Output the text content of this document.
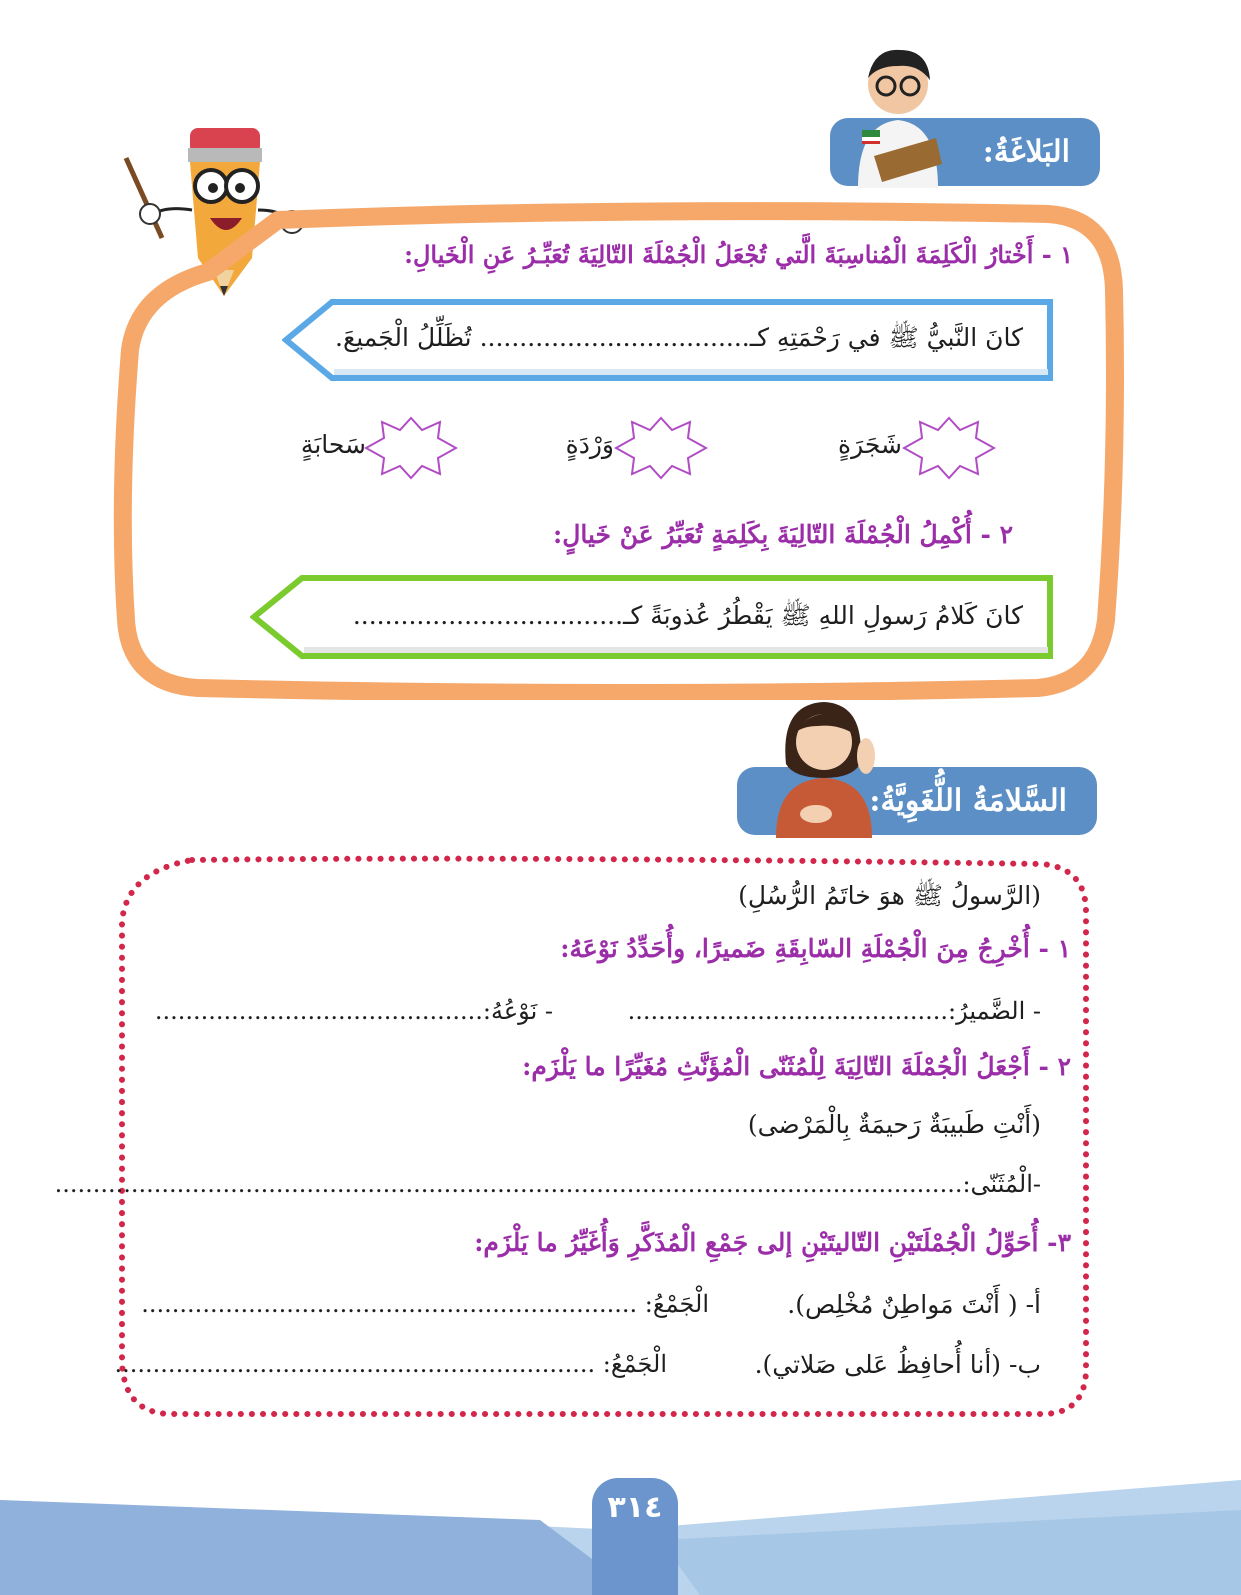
البَلاغَةُ:
١ - أَخْتارُ الْكَلِمَةَ الْمُناسِبَةَ الَّتي تُجْعَلُ الْجُمْلَةَ التّالِيَةَ تُعَبِّـرُ عَنِ الْخَيالِ:
كانَ النَّبيُّ ﷺ في رَحْمَتِهِ كـ.................................. تُظَلِّلُ الْجَميعَ.
شَجَرَةٍ
وَرْدَةٍ
سَحابَةٍ
٢ - أُكْمِلُ الْجُمْلَةَ التّالِيَةَ بِكَلِمَةٍ تُعَبِّرُ عَنْ خَيالٍ:
كانَ كَلامُ رَسولِ اللهِ ﷺ يَقْطُرُ عُذوبَةً كـ..................................
السَّلامَةُ اللُّغَوِيَّةُ:
(الرَّسولُ ﷺ هوَ خاتَمُ الرُّسُلِ)
١ - أُخْرِجُ مِنَ الْجُمْلَةِ السّابِقَةِ ضَميرًا، وأُحَدِّدُ نَوْعَهُ:
- الضَّميرُ:..........................................
- نَوْعُهُ:...........................................
٢ - أَجْعَلُ الْجُمْلَةَ التّالِيَةَ لِلْمُثَنّى الْمُؤَنَّثِ مُغَيِّرًا ما يَلْزَم:
(أَنْتِ طَبيبَةٌ رَحيمَةٌ بِالْمَرْضى)
-الْمُثَنّى:.......................................................................................................................
٣- أُحَوِّلُ الْجُمْلَتَيْنِ التّاليتَيْنِ إلى جَمْعِ الْمُذَكَّرِ وَأُغَيِّرُ ما يَلْزَم:
أ- ( أَنْتَ مَواطِنٌ مُخْلِص).
الْجَمْعُ: .................................................................
ب- (أنا أُحافِظُ عَلى صَلاتي).
الْجَمْعُ: ...............................................................
٣١٤
